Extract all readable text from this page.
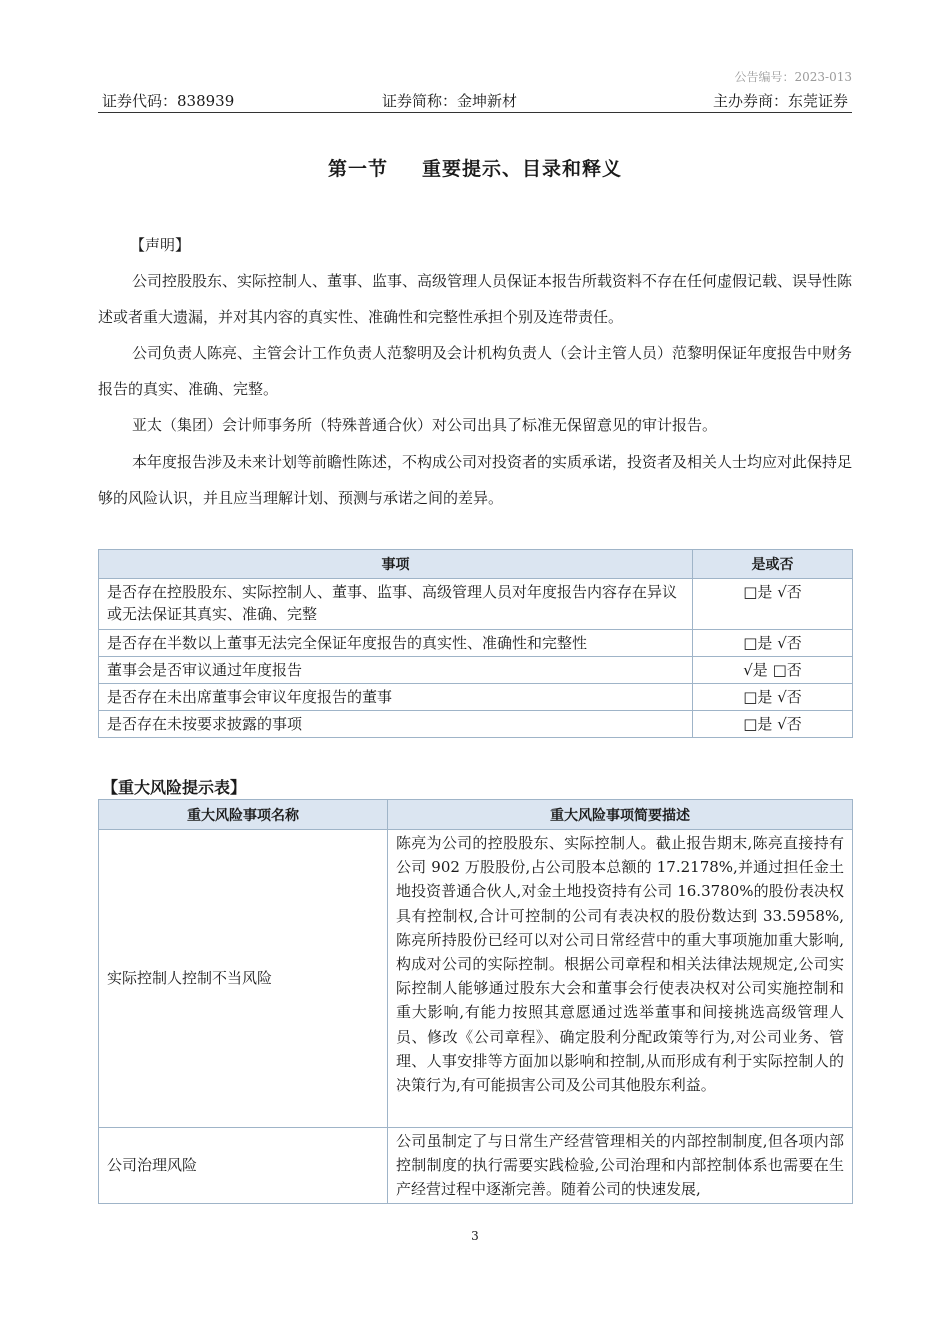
公告编号：2023-013
证券代码：838939	证券简称：金坤新材	主办券商：东莞证券
第一节 重要提示、目录和释义
【声明】
公司控股股东、实际控制人、董事、监事、高级管理人员保证本报告所载资料不存在任何虚假记载、误导性陈述或者重大遗漏，并对其内容的真实性、准确性和完整性承担个别及连带责任。
公司负责人陈亮、主管会计工作负责人范黎明及会计机构负责人（会计主管人员）范黎明保证年度报告中财务报告的真实、准确、完整。
亚太（集团）会计师事务所（特殊普通合伙）对公司出具了标准无保留意见的审计报告。
本年度报告涉及未来计划等前瞻性陈述，不构成公司对投资者的实质承诺，投资者及相关人士均应对此保持足够的风险认识，并且应当理解计划、预测与承诺之间的差异。
事项	是或否
是否存在控股股东、实际控制人、董事、监事、高级管理人员对年度报告内容存在异议或无法保证其真实、准确、完整	□是 √否
是否存在半数以上董事无法完全保证年度报告的真实性、准确性和完整性	□是 √否
董事会是否审议通过年度报告	√是 □否
是否存在未出席董事会审议年度报告的董事	□是 √否
是否存在未按要求披露的事项	□是 √否
【重大风险提示表】
重大风险事项名称	重大风险事项简要描述
实际控制人控制不当风险	陈亮为公司的控股股东、实际控制人。截止报告期末,陈亮直接持有公司 902 万股股份,占公司股本总额的 17.2178%,并通过担任金土地投资普通合伙人,对金土地投资持有公司 16.3780%的股份表决权具有控制权,合计可控制的公司有表决权的股份数达到 33.5958%,陈亮所持股份已经可以对公司日常经营中的重大事项施加重大影响,构成对公司的实际控制。根据公司章程和相关法律法规规定,公司实际控制人能够通过股东大会和董事会行使表决权对公司实施控制和重大影响,有能力按照其意愿通过选举董事和间接挑选高级管理人员、修改《公司章程》、确定股利分配政策等行为,对公司业务、管理、人事安排等方面加以影响和控制,从而形成有利于实际控制人的决策行为,有可能损害公司及公司其他股东利益。
公司治理风险	公司虽制定了与日常生产经营管理相关的内部控制制度,但各项内部控制制度的执行需要实践检验,公司治理和内部控制体系也需要在生产经营过程中逐渐完善。随着公司的快速发展,
3
